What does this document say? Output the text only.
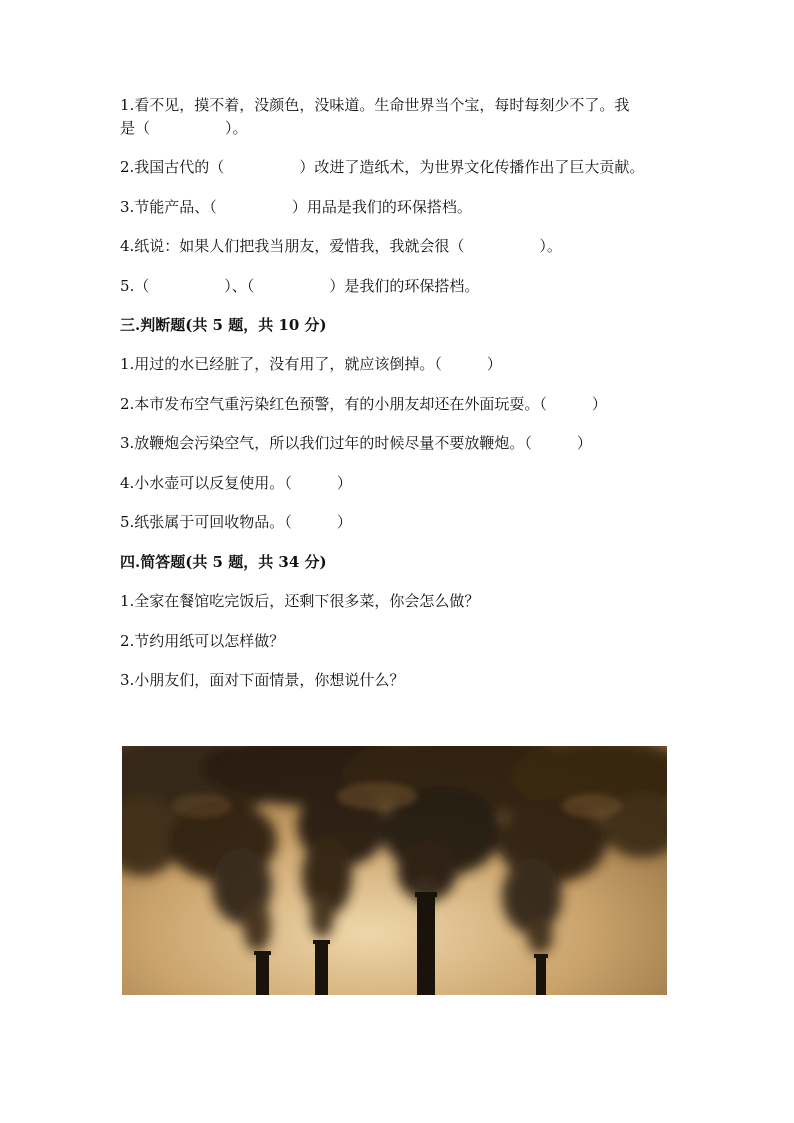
1.看不见，摸不着，没颜色，没味道。生命世界当个宝，每时每刻少不了。我
是（　　　　　）。
2.我国古代的（　　　　　）改进了造纸术，为世界文化传播作出了巨大贡献。
3.节能产品、（　　　　　）用品是我们的环保搭档。
4.纸说：如果人们把我当朋友，爱惜我，我就会很（　　　　　）。
5.（　　　　　）、（　　　　　）是我们的环保搭档。
三.判断题(共 5 题，共 10 分)
1.用过的水已经脏了，没有用了，就应该倒掉。（　　　）
2.本市发布空气重污染红色预警，有的小朋友却还在外面玩耍。（　　　）
3.放鞭炮会污染空气，所以我们过年的时候尽量不要放鞭炮。（　　　）
4.小水壶可以反复使用。（　　　）
5.纸张属于可回收物品。（　　　）
四.简答题(共 5 题，共 34 分)
1.全家在餐馆吃完饭后，还剩下很多菜，你会怎么做？
2.节约用纸可以怎样做？
3.小朋友们，面对下面情景，你想说什么？
